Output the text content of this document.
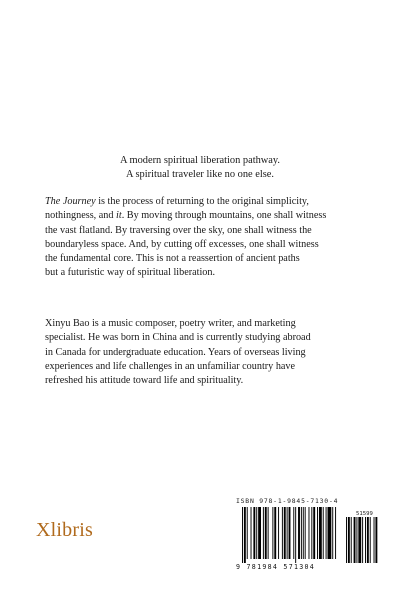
A modern spiritual liberation pathway.
A spiritual traveler like no one else.
The Journey is the process of returning to the original simplicity,
nothingness, and it. By moving through mountains, one shall witness
the vast flatland. By traversing over the sky, one shall witness the
boundaryless space. And, by cutting off excesses, one shall witness
the fundamental core. This is not a reassertion of ancient paths
but a futuristic way of spiritual liberation.
Xinyu Bao is a music composer, poetry writer, and marketing
specialist. He was born in China and is currently studying abroad
in Canada for undergraduate education. Years of overseas living
experiences and life challenges in an unfamiliar country have
refreshed his attitude toward life and spirituality.
Xlibris
ISBN 978-1-9845-7130-4
51599
9 781984 571304
